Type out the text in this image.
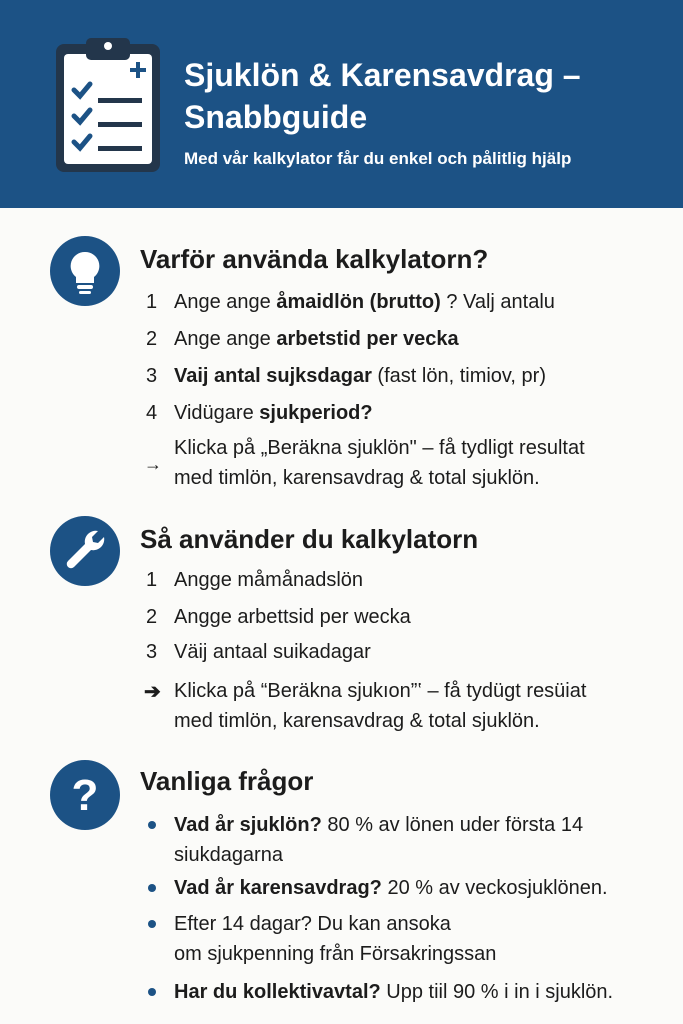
Sjuklön & Karensavdrag – Snabbguide
Med vår kalkylator får du enkel och pålitlig hjälp
Varför använda kalkylatorn?
1 Ange ange åmaidlön (brutto) ? Valj antalu
2 Ange ange arbetstid per vecka
3 Vaij antal sujksdagar (fast lön, timiov, pr)
4 Vidügare sjukperiod?
→
Klicka på „Beräkna sjuklön" – få tydligt resultat
med timlön, karensavdrag & total sjuklön.
Så använder du kalkylatorn
1 Angge måmånadslön
2 Angge arbettsid per wecka
3 Väij antaal suikadagar
➔ Klicka på “Beräkna sjukıon”‛ – få tydügt resüiat
med timlön, karensavdrag & total sjuklön.
? Vanliga frågor
Vad år sjuklön? 80 % av lönen uder första 14
siukdagarna
Vad år karensavdrag? 20 % av veckosjuklönen.
Efter 14 dagar? Du kan ansoka
om sjukpenning från Försakringssan
Har du kollektivavtal? Upp tiil 90 % i in i sjuklön.
